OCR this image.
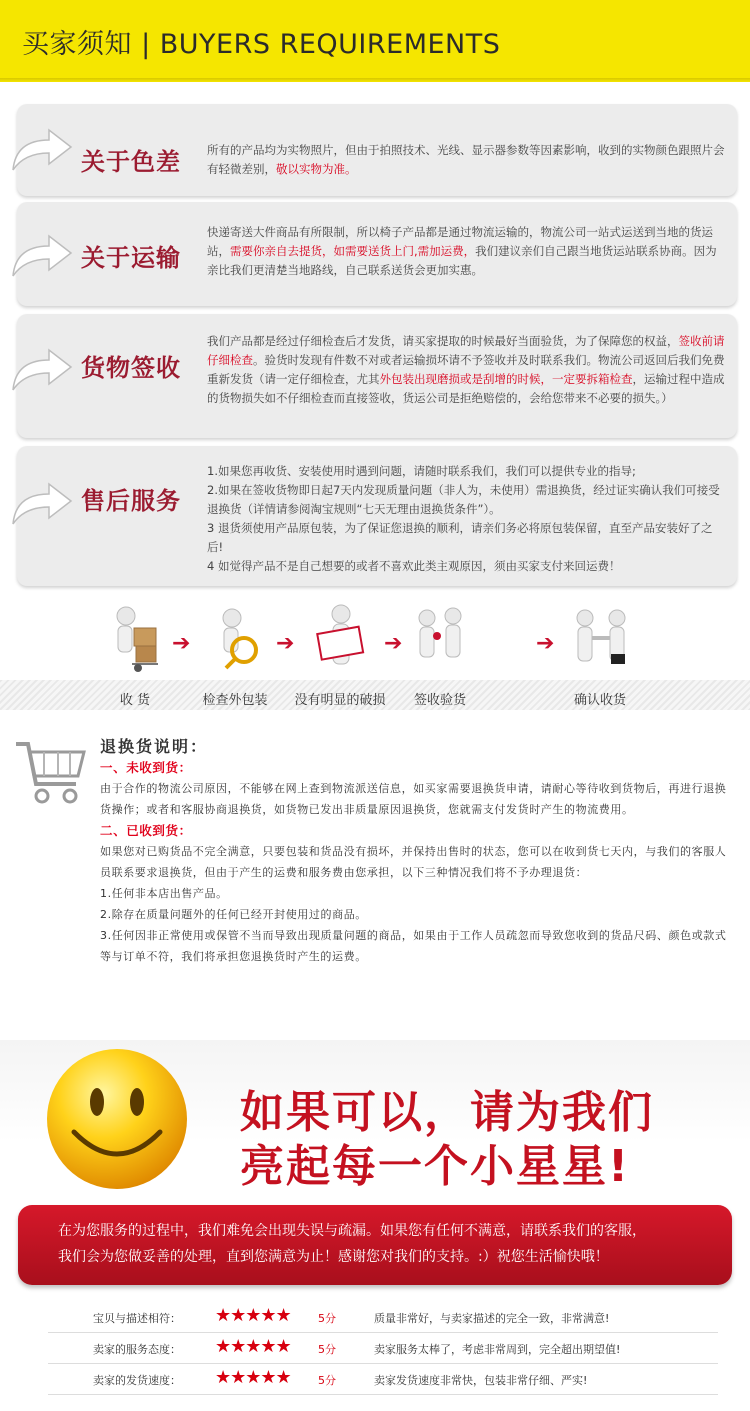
买家须知 | BUYERS REQUIREMENTS
关于色差 所有的产品均为实物照片，但由于拍照技术、光线、显示器参数等因素影响，收到的实物颜色跟照片会有轻微差别，敬以实物为准。
关于运输
快递寄送大件商品有所限制，所以椅子产品都是通过物流运输的，物流公司一站式运送到当地的货运站，需要你亲自去提货，如需要送货上门,需加运费，我们建议亲们自己跟当地货运站联系协商。因为亲比我们更清楚当地路线，自己联系送货会更加实惠。
货物签收
我们产品都是经过仔细检查后才发货，请买家提取的时候最好当面验货，为了保障您的权益，签收前请仔细检查。验货时发现有件数不对或者运输损坏请不予签收并及时联系我们。物流公司返回后我们免费重新发货（请一定仔细检查，尤其外包装出现磨损或是刮增的时候，一定要拆箱检查，运输过程中造成的货物损失如不仔细检查而直接签收，货运公司是拒绝赔偿的，会给您带来不必要的损失。）
售后服务
1.如果您再收货、安装使用时遇到问题，请随时联系我们，我们可以提供专业的指导;
2.如果在签收货物即日起7天内发现质量问题（非人为，未使用）需退换货，经过证实确认我们可接受退换货（详情请参阅淘宝规则“七天无理由退换货条件”）。
3 退货须使用产品原包装，为了保证您退换的顺利，请亲们务必将原包装保留，直至产品安装好了之后!
4 如觉得产品不是自己想要的或者不喜欢此类主观原因，须由买家支付来回运费！
收 货
➔
检查外包装
➔
没有明显的破损
➔
签收验货
➔
确认收货
退换货说明：
一、未收到货：
由于合作的物流公司原因，不能够在网上查到物流派送信息，如买家需要退换货申请，请耐心等待收到货物后，再进行退换货操作；或者和客服协商退换货，如货物已发出非质量原因退换货，您就需支付发货时产生的物流费用。
二、已收到货：
如果您对已购货品不完全满意，只要包装和货品没有损坏，并保持出售时的状态，您可以在收到货七天内，与我们的客服人员联系要求退换货，但由于产生的运费和服务费由您承担，以下三种情况我们将不予办理退货：
1.任何非本店出售产品。
2.除存在质量问题外的任何已经开封使用过的商品。
3.任何因非正常使用或保管不当而导致出现质量问题的商品，如果由于工作人员疏忽而导致您收到的货品尺码、颜色或款式等与订单不符，我们将承担您退换货时产生的运费。
如果可以，请为我们
亮起每一个小星星!
在为您服务的过程中，我们难免会出现失误与疏漏。如果您有任何不满意，请联系我们的客服，
我们会为您做妥善的处理，直到您满意为止！感谢您对我们的支持。:）祝您生活愉快哦！
宝贝与描述相符： ★★★★★ 5分	质量非常好，与卖家描述的完全一致，非常满意!
卖家的服务态度： ★★★★★ 5分	卖家服务太棒了，考虑非常周到，完全超出期望值!
卖家的发货速度： ★★★★★ 5分	卖家发货速度非常快，包装非常仔细、严实!
